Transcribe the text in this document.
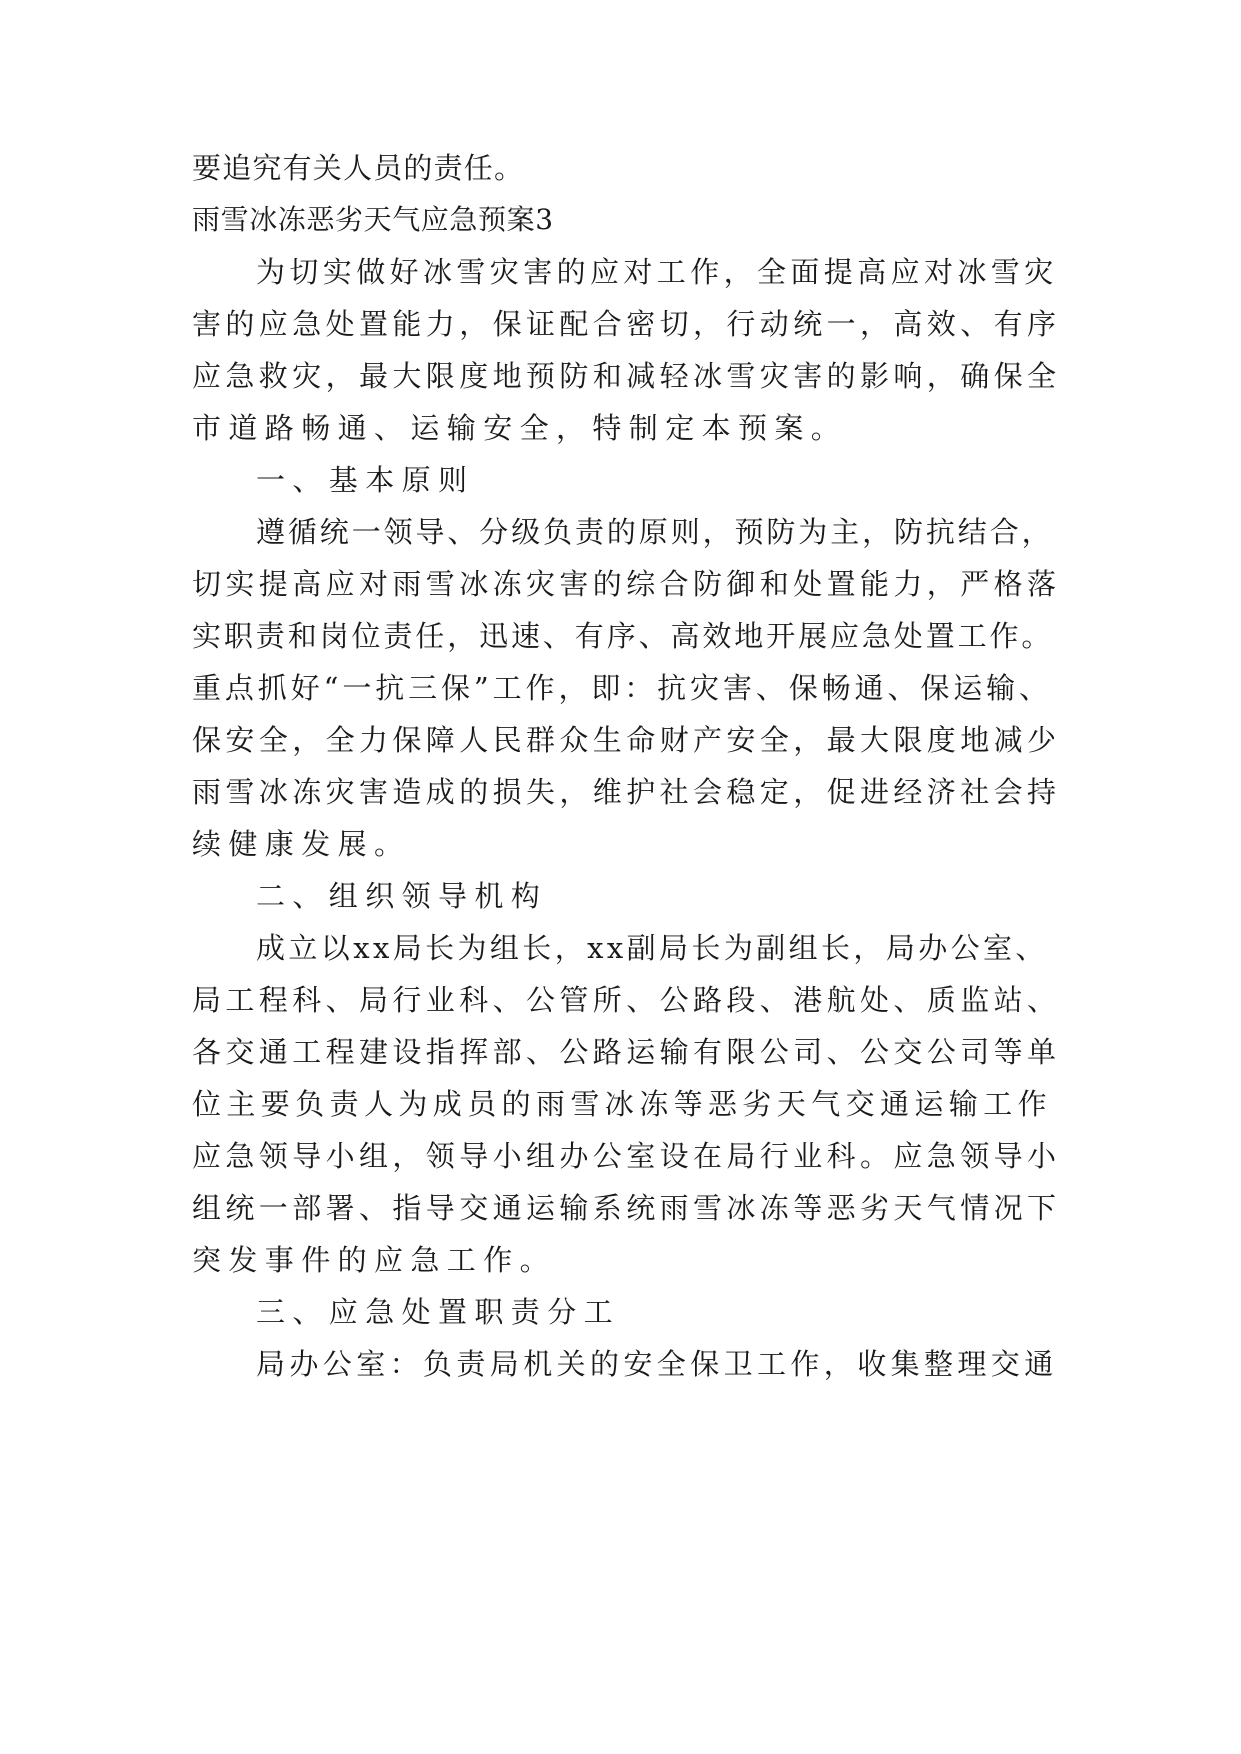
要追究有关人员的责任。
雨雪冰冻恶劣天气应急预案3
为切实做好冰雪灾害的应对工作，全面提高应对冰雪灾
害的应急处置能力，保证配合密切，行动统一，高效、有序
应急救灾，最大限度地预防和减轻冰雪灾害的影响，确保全
市道路畅通、运输安全，特制定本预案。
一、基本原则
遵循统一领导、分级负责的原则，预防为主，防抗结合，
切实提高应对雨雪冰冻灾害的综合防御和处置能力，严格落
实职责和岗位责任，迅速、有序、高效地开展应急处置工作。
重点抓好“一抗三保”工作，即：抗灾害、保畅通、保运输、
保安全，全力保障人民群众生命财产安全，最大限度地减少
雨雪冰冻灾害造成的损失，维护社会稳定，促进经济社会持
续健康发展。
二、组织领导机构
成立以xx局长为组长，xx副局长为副组长，局办公室、
局工程科、局行业科、公管所、公路段、港航处、质监站、
各交通工程建设指挥部、公路运输有限公司、公交公司等单
位主要负责人为成员的雨雪冰冻等恶劣天气交通运输工作
应急领导小组，领导小组办公室设在局行业科。应急领导小
组统一部署、指导交通运输系统雨雪冰冻等恶劣天气情况下
突发事件的应急工作。
三、应急处置职责分工
局办公室：负责局机关的安全保卫工作，收集整理交通
